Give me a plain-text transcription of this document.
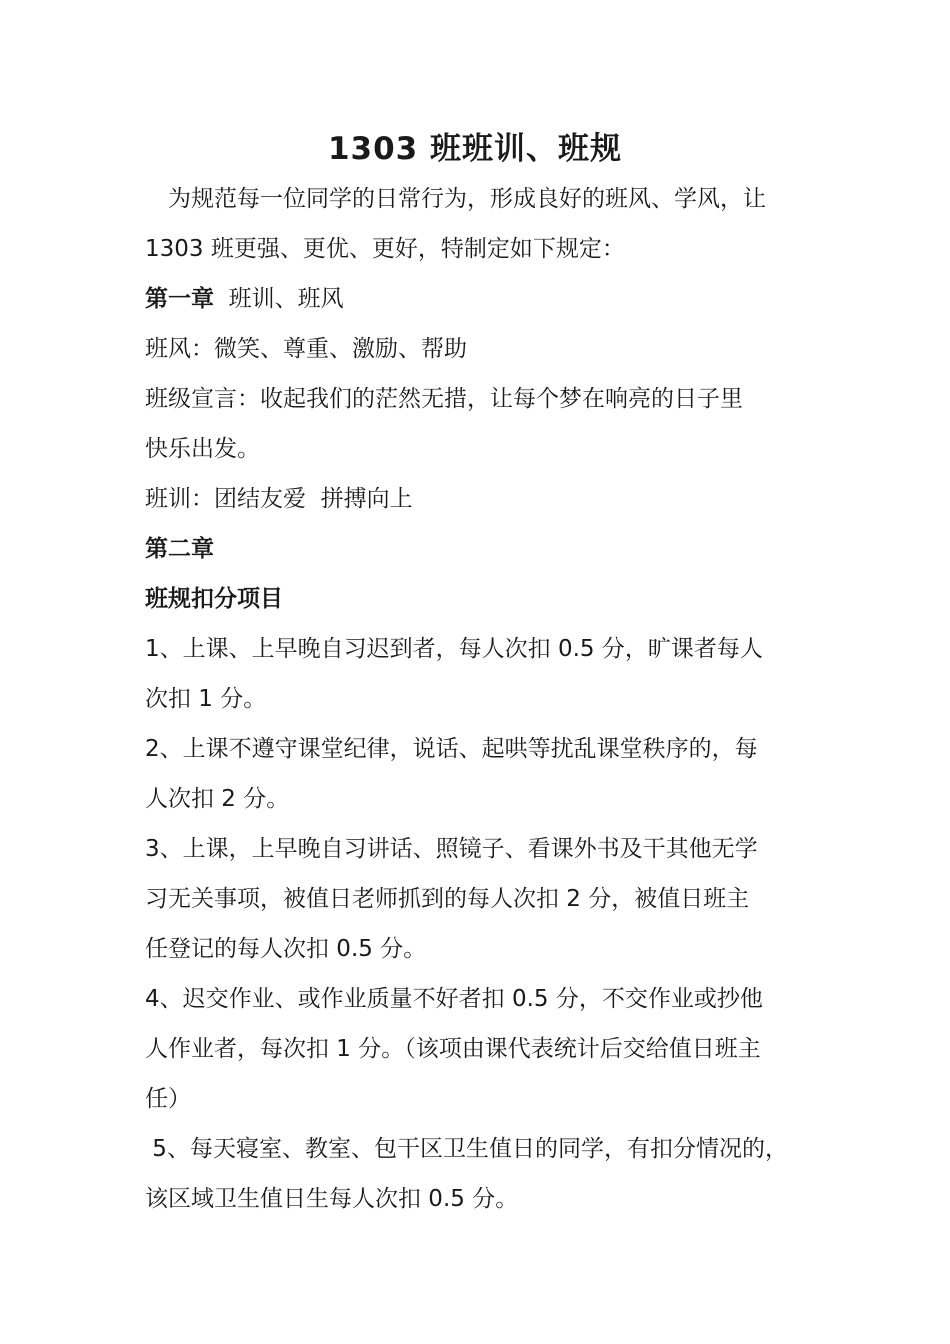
1303 班班训、班规
为规范每一位同学的日常行为，形成良好的班风、学风，让
1303 班更强、更优、更好，特制定如下规定：
第一章  班训、班风
班风：微笑、尊重、激励、帮助
班级宣言：收起我们的茫然无措，让每个梦在响亮的日子里
快乐出发。
班训：团结友爱  拼搏向上
第二章
班规扣分项目
1、上课、上早晚自习迟到者，每人次扣 0.5 分，旷课者每人
次扣 1 分。
2、上课不遵守课堂纪律，说话、起哄等扰乱课堂秩序的，每
人次扣 2 分。
3、上课，上早晚自习讲话、照镜子、看课外书及干其他无学
习无关事项，被值日老师抓到的每人次扣 2 分，被值日班主
任登记的每人次扣 0.5 分。
4、迟交作业、或作业质量不好者扣 0.5 分，不交作业或抄他
人作业者，每次扣 1 分。（该项由课代表统计后交给值日班主
任）
5、每天寝室、教室、包干区卫生值日的同学，有扣分情况的，
该区域卫生值日生每人次扣 0.5 分。
